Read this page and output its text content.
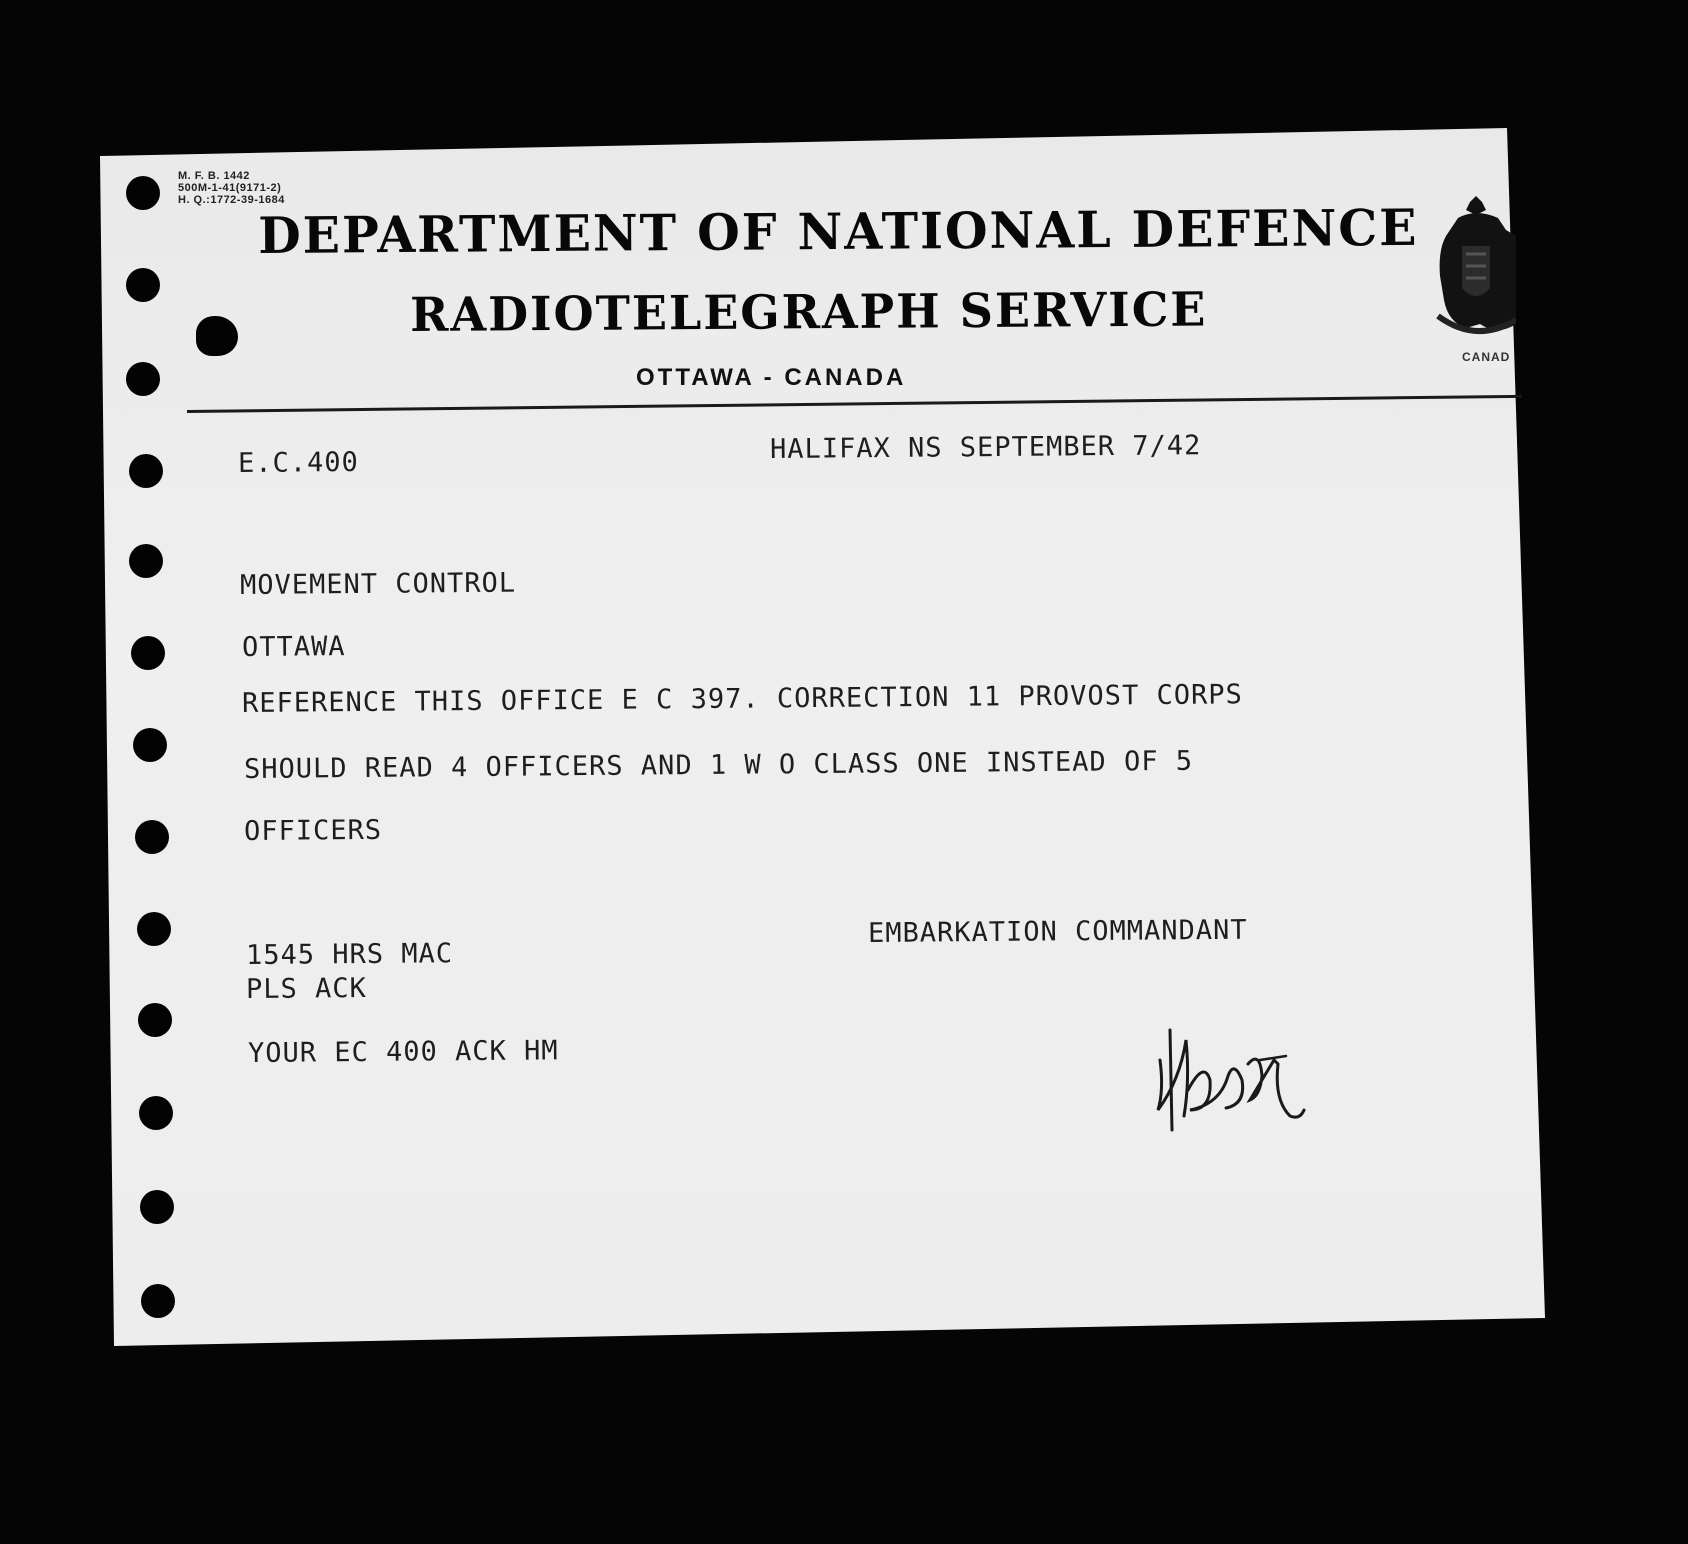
M. F. B. 1442
500M-1-41(9171-2)
H. Q.:1772-39-1684
DEPARTMENT OF NATIONAL DEFENCE
RADIOTELEGRAPH SERVICE
OTTAWA - CANADA
CANAD
E.C.400	HALIFAX NS SEPTEMBER 7/42
MOVEMENT CONTROL
OTTAWA
REFERENCE THIS OFFICE E C 397. CORRECTION 11 PROVOST CORPS
SHOULD READ 4 OFFICERS AND 1 W O CLASS ONE INSTEAD OF 5
OFFICERS
EMBARKATION COMMANDANT
1545 HRS MAC
PLS ACK
YOUR EC 400 ACK HM
